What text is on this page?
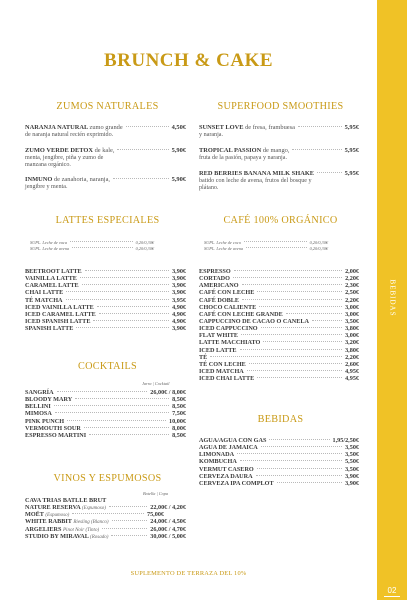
BEBIDAS
02
BRUNCH & CAKE
ZUMOS NATURALES
NARANJA NATURAL zumo grande	4,50€
de naranja natural recién exprimido.
ZUMO VERDE DETOX de kale,	5,90€
menta, jengibre, piña y zumo de manzana orgánico.
INMUNO de zanahoria, naranja,	5,90€
jengibre y menta.
SUPERFOOD SMOOTHIES
SUNSET LOVE de fresa, frambuesa	5,95€
y naranja.
TROPICAL PASSION de mango,	5,95€
fruta de la pasión, papaya y naranja.
RED BERRIES BANANA MILK SHAKE	5,95€
batido con leche de avena, frutos del bosque y plátano.
LATTES ESPECIALES
SUPL. Leche de vaca	0,20/0,30€
SUPL. Leche de avena	0,20/0,30€
BEETROOT LATTE	3,90€
VAINILLA LATTE	3,90€
CARAMEL LATTE	3,90€
CHAI LATTE	3,90€
TÉ MATCHA	3,95€
ICED VAINILLA LATTE	4,90€
ICED CARAMEL LATTE	4,90€
ICED SPANISH LATTE	4,90€
SPANISH LATTE	3,90€
CAFÉ 100% ORGÁNICO
SUPL. Leche de coco	0,20/0,30€
SUPL. Leche de avena	0,20/0,30€
ESPRESSO	2,00€
CORTADO	2,20€
AMERICANO	2,30€
CAFÉ CON LECHE	2,50€
CAFÉ DOBLE	2,20€
CHOCO CALIENTE	3,00€
CAFÉ CON LECHE GRANDE	3,00€
CAPPUCCINO DE CACAO O CANELA	3,50€
ICED CAPPUCCINO	3,80€
FLAT WHITE	3,00€
LATTE MACCHIATO	3,20€
ICED LATTE	3,80€
TÉ	2,20€
TÉ CON LECHE	2,60€
ICED MATCHA	4,95€
ICED CHAI LATTE	4,95€
COCKTAILS
Jarra | Cocktail
SANGRÍA	26,00€ / 8,00€
BLOODY MARY	8,50€
BELLINI	8,50€
MIMOSA	7,50€
PINK PUNCH	10,00€
VERMOUTH SOUR	8,00€
ESPRESSO MARTINI	8,50€
VINOS Y ESPUMOSOS
Botella | Copa
CAVA TRIAS BATLLE BRUT
NATURE RESERVA (Espumoso)	22,00€ / 4,20€
MOËT (Espumoso)	75,00€
WHITE RABBIT Riesling (Blanco)	24,00€ / 4,50€
ARGELIERS Pinot Noir (Tinto)	26,00€ / 4,70€
STUDIO BY MIRAVAL (Rosado)	30,00€ / 5,00€
BEBIDAS
AGUA/AGUA CON GAS	1,95/2,50€
AGUA DE JAMAICA	3,50€
LIMONADA	3,50€
KOMBUCHA	5,50€
VERMUT CASERO	3,50€
CERVEZA DAURA	3,90€
CERVEZA IPA COMPLOT	3,90€
SUPLEMENTO DE TERRAZA DEL 10%
